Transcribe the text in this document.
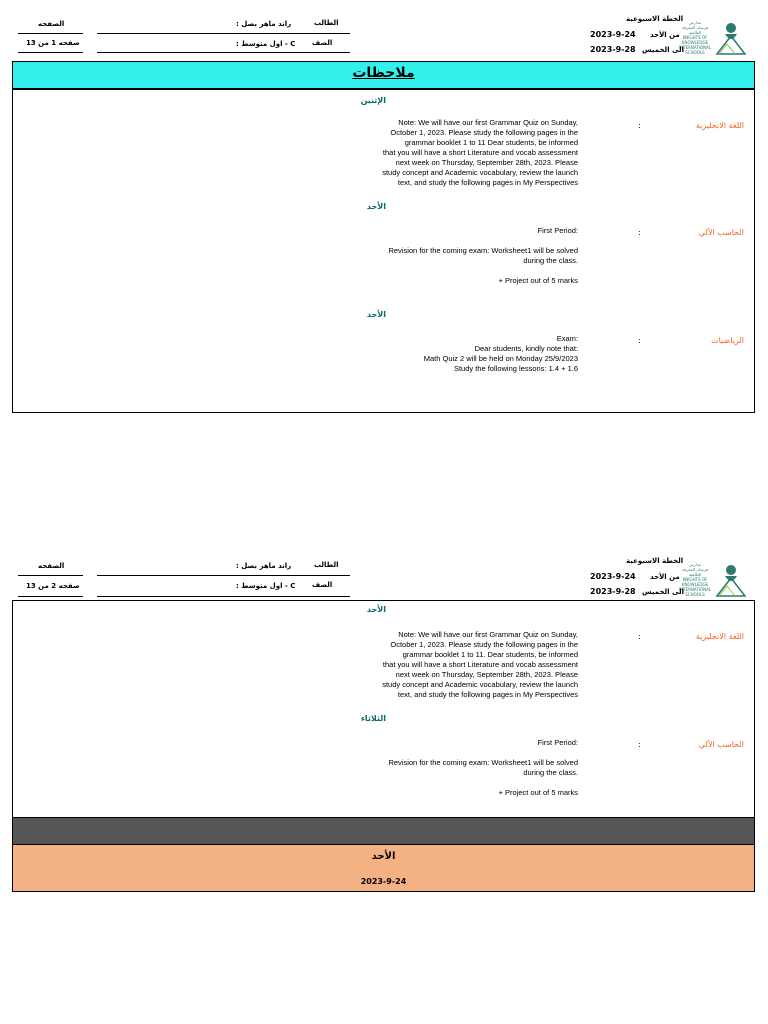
مدارس
فرسان المعرفة
العالمية
KNIGHTS OF KNOWLEDGE
INTERNATIONAL
SCHOOLS
الخطة الاسبوعية
من الأحد
2023-9-24
الى الخميس
2023-9-28
الطالب
: راند ماهر بصل
الصف
: اول متوسط - C
الصفحه
صفحه 1 من 13
ملاحظات
الإثنين
اللغة الانجليزية
:
Note: We will have our first Grammar Quiz on Sunday,
October 1, 2023. Please study the following pages in the
grammar booklet 1 to 11 Dear students, be informed
that you will have a short Literature and vocab assessment
next week on Thursday, September 28th, 2023. Please
study concept and Academic vocabulary, review the launch
text, and study the following pages in My Perspectives
الأحد
الحاسب الآلي
:
First Period:

Revision for the coming exam: Worksheet1 will be solved
during the class.

+ Project out of 5 marks
الأحد
الرياضيات
:
Exam:
Dear students, kindly note that:
Math Quiz 2 will be held on Monday 25/9/2023
Study the following lessons: 1.4 + 1.6
مدارس
فرسان المعرفة
العالمية
KNIGHTS OF KNOWLEDGE
INTERNATIONAL
SCHOOLS
الخطة الاسبوعية
من الأحد
2023-9-24
الى الخميس
2023-9-28
الطالب
: راند ماهر بصل
الصف
: اول متوسط - C
الصفحه
صفحه 2 من 13
الأحد
اللغة الانجليزية
:
Note: We will have our first Grammar Quiz on Sunday,
October 1, 2023. Please study the following pages in the
grammar booklet 1 to 11. Dear students, be informed
that you will have a short Literature and vocab assessment
next week on Thursday, September 28th, 2023. Please
study concept and Academic vocabulary, review the launch
text, and study the following pages in My Perspectives
الثلاثاء
الحاسب الآلي
:
First Period:

Revision for the coming exam: Worksheet1 will be solved
during the class.

+ Project out of 5 marks
الأحد
2023-9-24
